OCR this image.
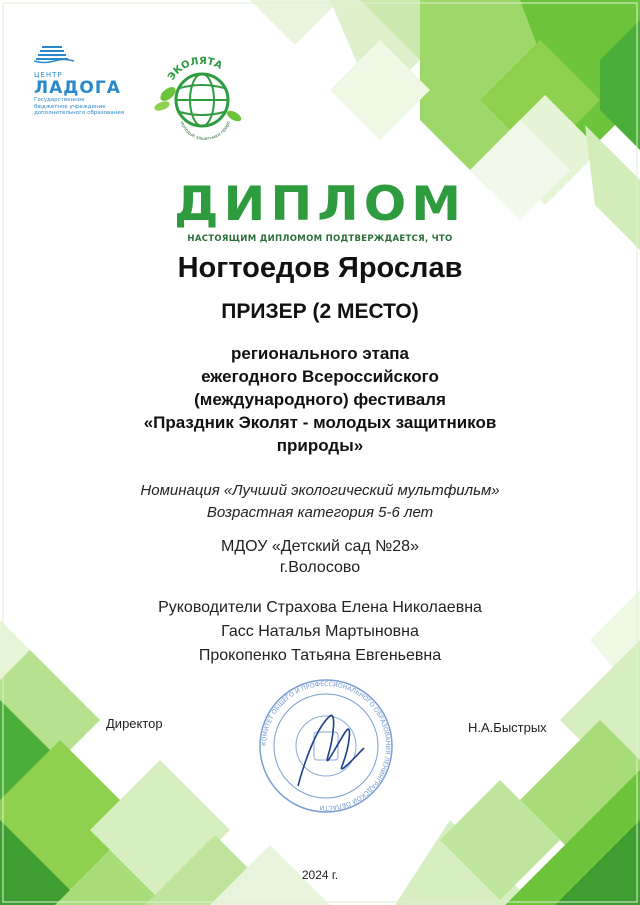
ЦЕНТР
ЛАДОГА
Государственное
бюджетное учреждение
дополнительного образования
ЭКОЛЯТА
молодые защитники приро
ДИПЛОМ
НАСТОЯЩИМ ДИПЛОМОМ ПОДТВЕРЖДАЕТСЯ, ЧТО
Ногтоедов Ярослав
ПРИЗЕР (2 МЕСТО)
регионального этапа
ежегодного Всероссийского
(международного) фестиваля
«Праздник Эколят - молодых защитников
природы»
Номинация «Лучший экологический мультфильм»
Возрастная категория 5-6 лет
МДОУ «Детский сад №28»
г.Волосово
Руководители Страхова Елена Николаевна
Гасс Наталья Мартыновна
Прокопенко Татьяна Евгеньевна
КОМИТЕТ ОБЩЕГО И ПРОФЕССИОНАЛЬНОГО ОБРАЗОВАНИЯ ЛЕНИНГРАДСКОЙ ОБЛАСТИ
Директор	Н.А.Быстрых
2024 г.
